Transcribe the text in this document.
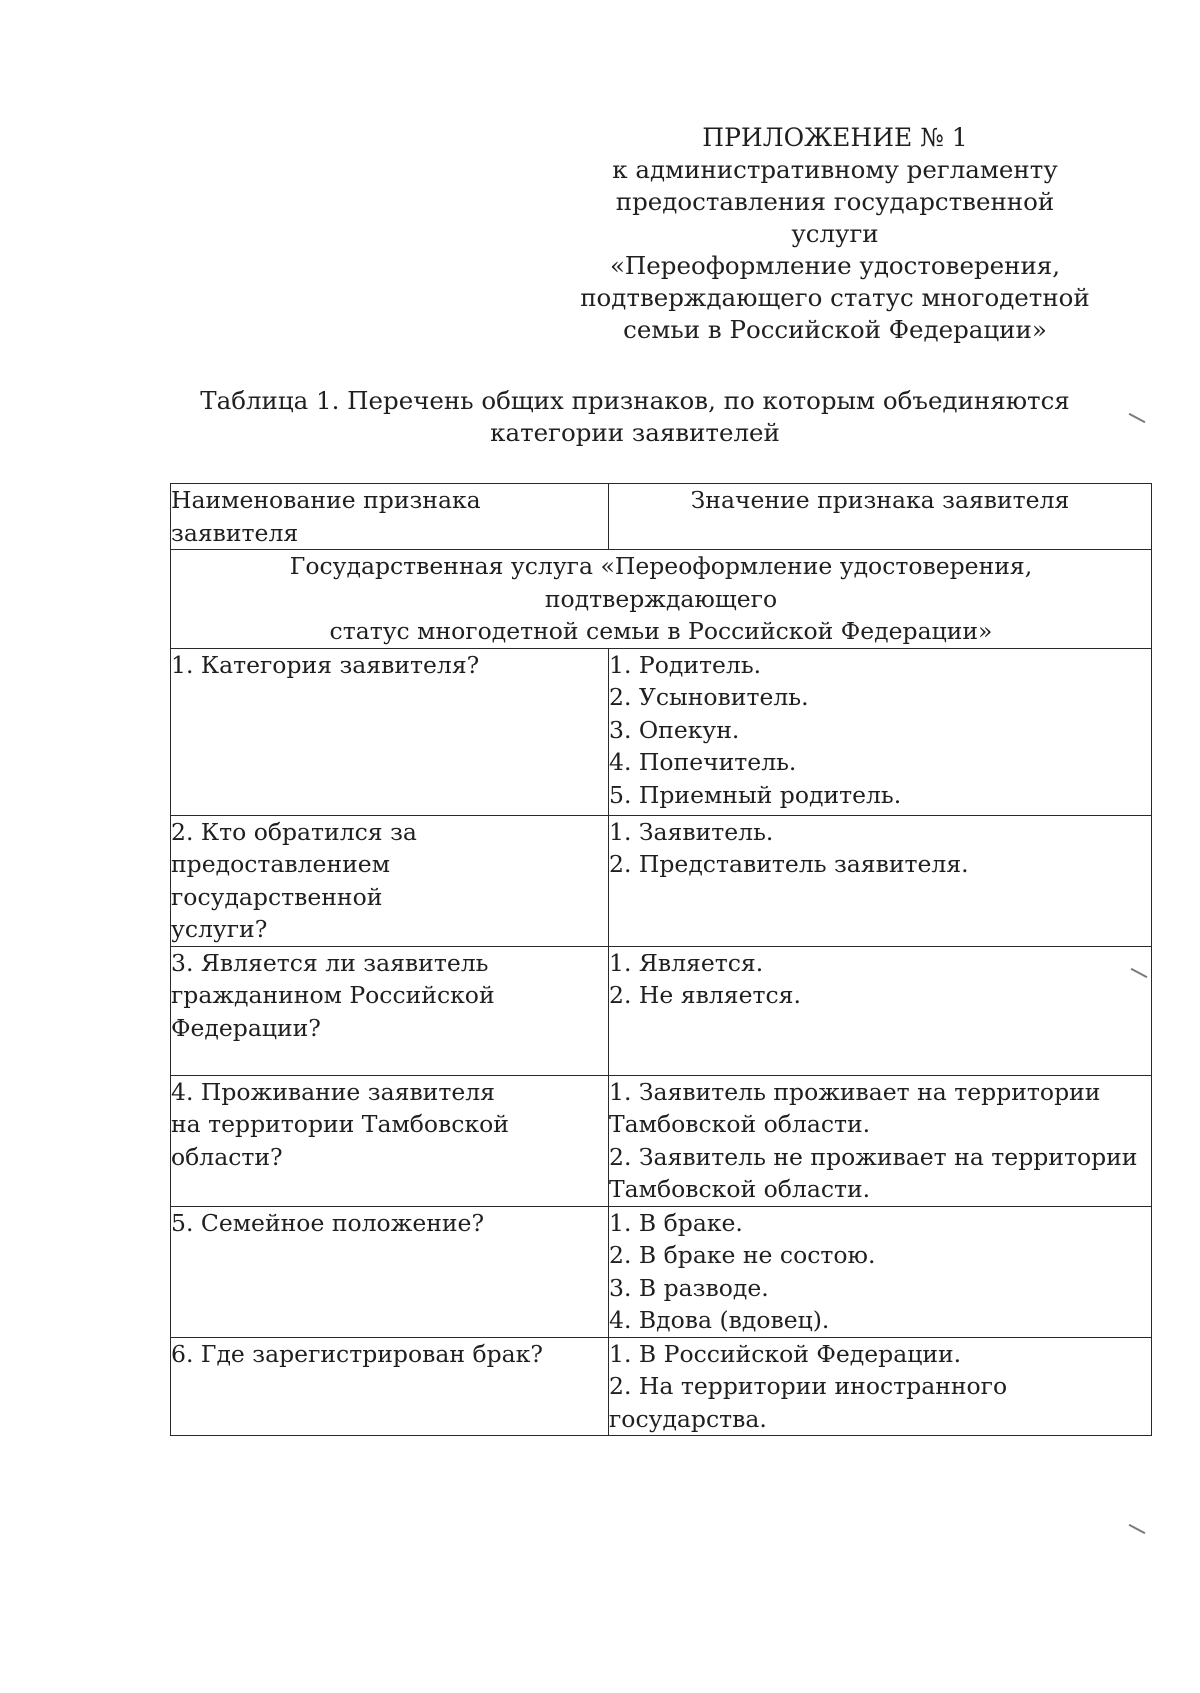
ПРИЛОЖЕНИЕ № 1
к административному регламенту
предоставления государственной услуги
«Переоформление удостоверения,
подтверждающего статус многодетной
семьи в Российской Федерации»
Таблица 1. Перечень общих признаков, по которым объединяются
категории заявителей
Наименование признака заявителя	Значение признака заявителя

Государственная услуга «Переоформление удостоверения, подтверждающего
статус многодетной семьи в Российской Федерации»	

1. Категория заявителя?	1. Родитель.
2. Усыновитель.
3. Опекун.
4. Попечитель.
5. Приемный родитель.

2. Кто обратился за
предоставлением государственной
услуги?	1. Заявитель.
2. Представитель заявителя.

3. Является ли заявитель
гражданином Российской
Федерации?	1. Является.
2. Не является.

4. Проживание заявителя
на территории Тамбовской
области?	1. Заявитель проживает на территории
Тамбовской области.
2. Заявитель не проживает на территории
Тамбовской области.

5. Семейное положение?	1. В браке.
2. В браке не состою.
3. В разводе.
4. Вдова (вдовец).

6. Где зарегистрирован брак?	1. В Российской Федерации.
2. На территории иностранного государства.
